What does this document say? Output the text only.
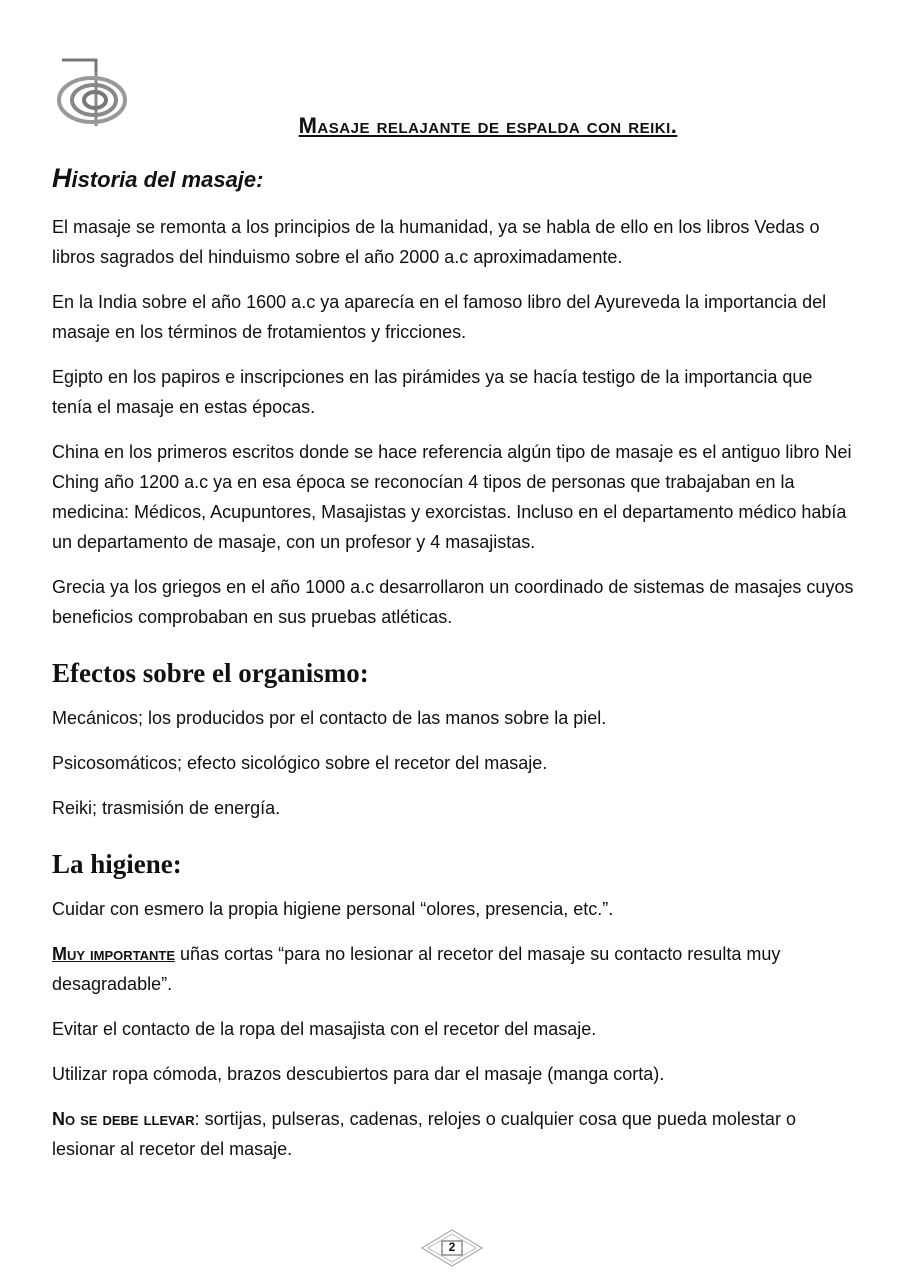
Masaje relajante de espalda con reiki.
Historia del masaje:

El masaje se remonta a los principios de la humanidad, ya se habla de ello en los libros Vedas o libros sagrados del hinduismo sobre el año 2000 a.c aproximadamente.

En la India sobre el año 1600 a.c ya aparecía en el famoso libro del Ayureveda la importancia del masaje en los términos de frotamientos y fricciones.

Egipto en los papiros e inscripciones en las pirámides ya se hacía testigo de la importancia que tenía el masaje en estas épocas.

China en los primeros escritos donde se hace referencia algún tipo de masaje es el antiguo libro Nei Ching año 1200 a.c ya en esa época se reconocían 4 tipos de personas que trabajaban en la medicina: Médicos, Acupuntores, Masajistas y exorcistas. Incluso en el departamento médico había un departamento de masaje, con un profesor y 4 masajistas.

Grecia ya los griegos en el año 1000 a.c desarrollaron un coordinado de sistemas de masajes cuyos beneficios comprobaban en sus pruebas atléticas.

Efectos sobre el organismo:

Mecánicos; los producidos por el contacto de las manos sobre la piel.

Psicosomáticos; efecto sicológico sobre el recetor del masaje.

Reiki; trasmisión de energía.

La higiene:

Cuidar con esmero la propia higiene personal “olores, presencia, etc.”.

Muy importante uñas cortas “para no lesionar al recetor del masaje su contacto resulta muy desagradable”.

Evitar el contacto de la ropa del masajista con el recetor del masaje.

Utilizar ropa cómoda, brazos descubiertos para dar el masaje (manga corta).

No se debe llevar: sortijas, pulseras, cadenas, relojes o cualquier cosa que pueda molestar o lesionar al recetor del masaje.

2
